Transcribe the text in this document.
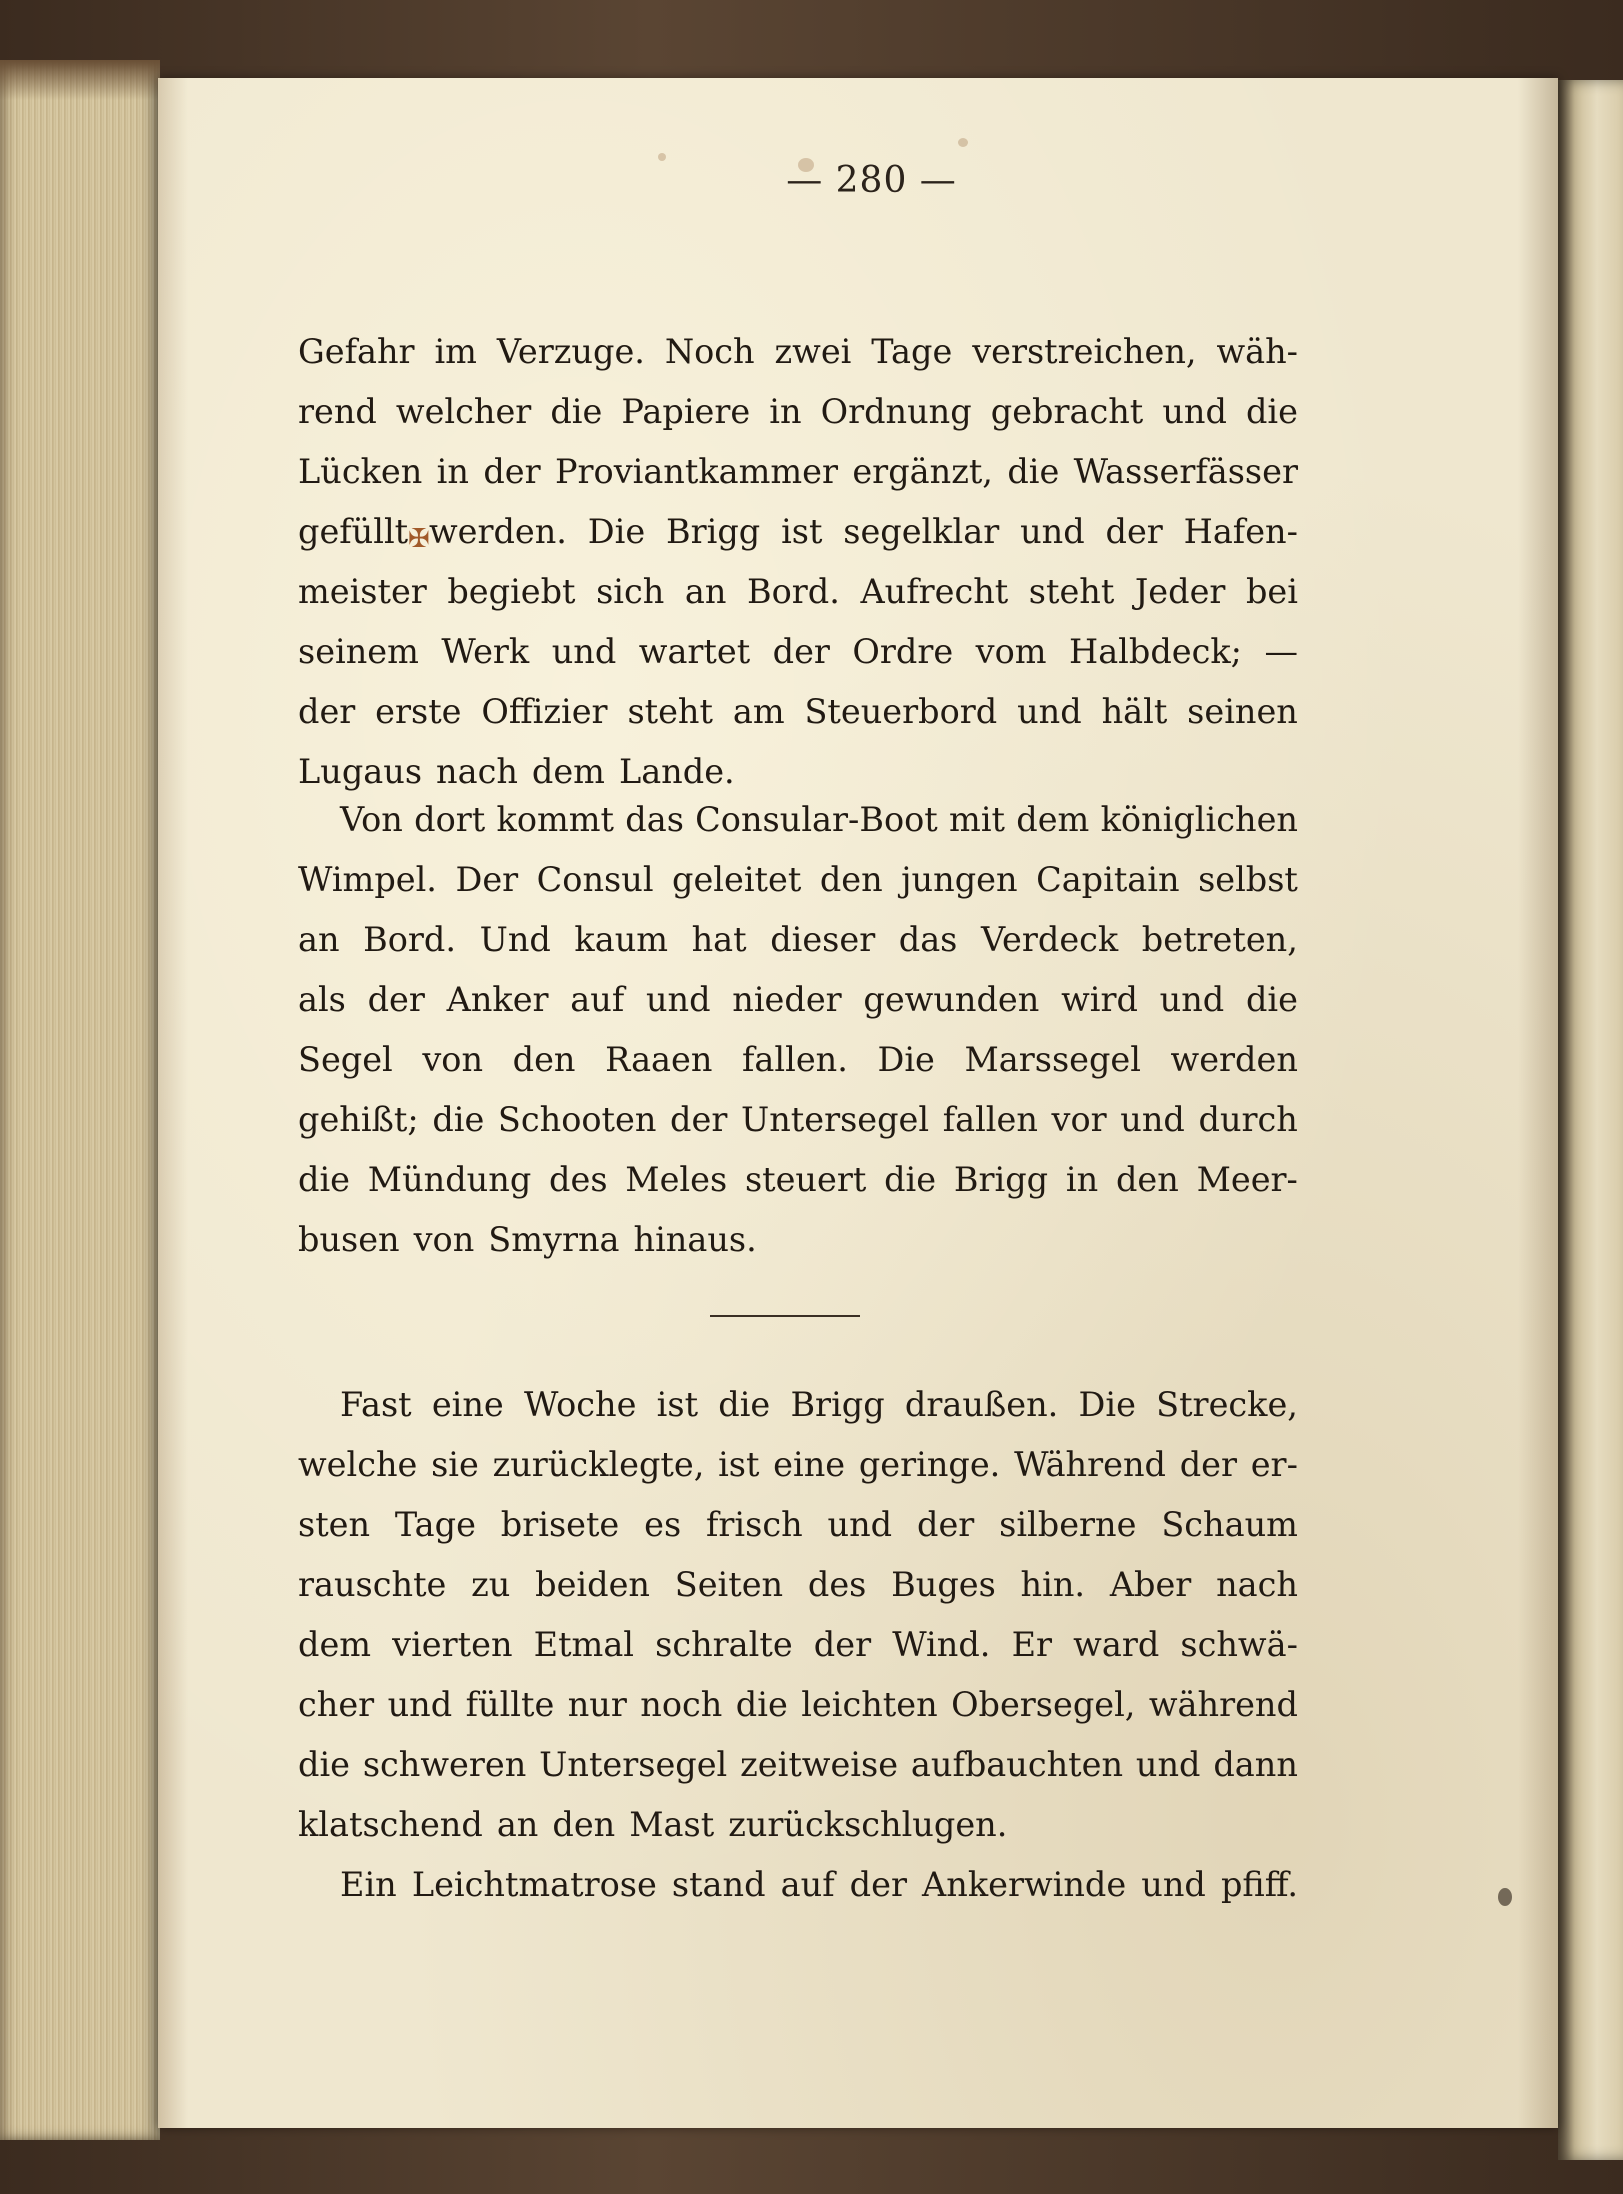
— 280 —
✠
Gefahr im Verzuge. Noch zwei Tage verstreichen, wäh-
rend welcher die Papiere in Ordnung gebracht und die
Lücken in der Proviantkammer ergänzt, die Wasserfässer
gefüllt werden. Die Brigg ist segelklar und der Hafen-
meister begiebt sich an Bord. Aufrecht steht Jeder bei
seinem Werk und wartet der Ordre vom Halbdeck; —
der erste Offizier steht am Steuerbord und hält seinen
Lugaus nach dem Lande.
Von dort kommt das Consular-Boot mit dem königlichen
Wimpel. Der Consul geleitet den jungen Capitain selbst
an Bord. Und kaum hat dieser das Verdeck betreten,
als der Anker auf und nieder gewunden wird und die
Segel von den Raaen fallen. Die Marssegel werden
gehißt; die Schooten der Untersegel fallen vor und durch
die Mündung des Meles steuert die Brigg in den Meer-
busen von Smyrna hinaus.
Fast eine Woche ist die Brigg draußen. Die Strecke,
welche sie zurücklegte, ist eine geringe. Während der er-
sten Tage brisete es frisch und der silberne Schaum
rauschte zu beiden Seiten des Buges hin. Aber nach
dem vierten Etmal schralte der Wind. Er ward schwä-
cher und füllte nur noch die leichten Obersegel, während
die schweren Untersegel zeitweise aufbauchten und dann
klatschend an den Mast zurückschlugen.
Ein Leichtmatrose stand auf der Ankerwinde und pfiff.
